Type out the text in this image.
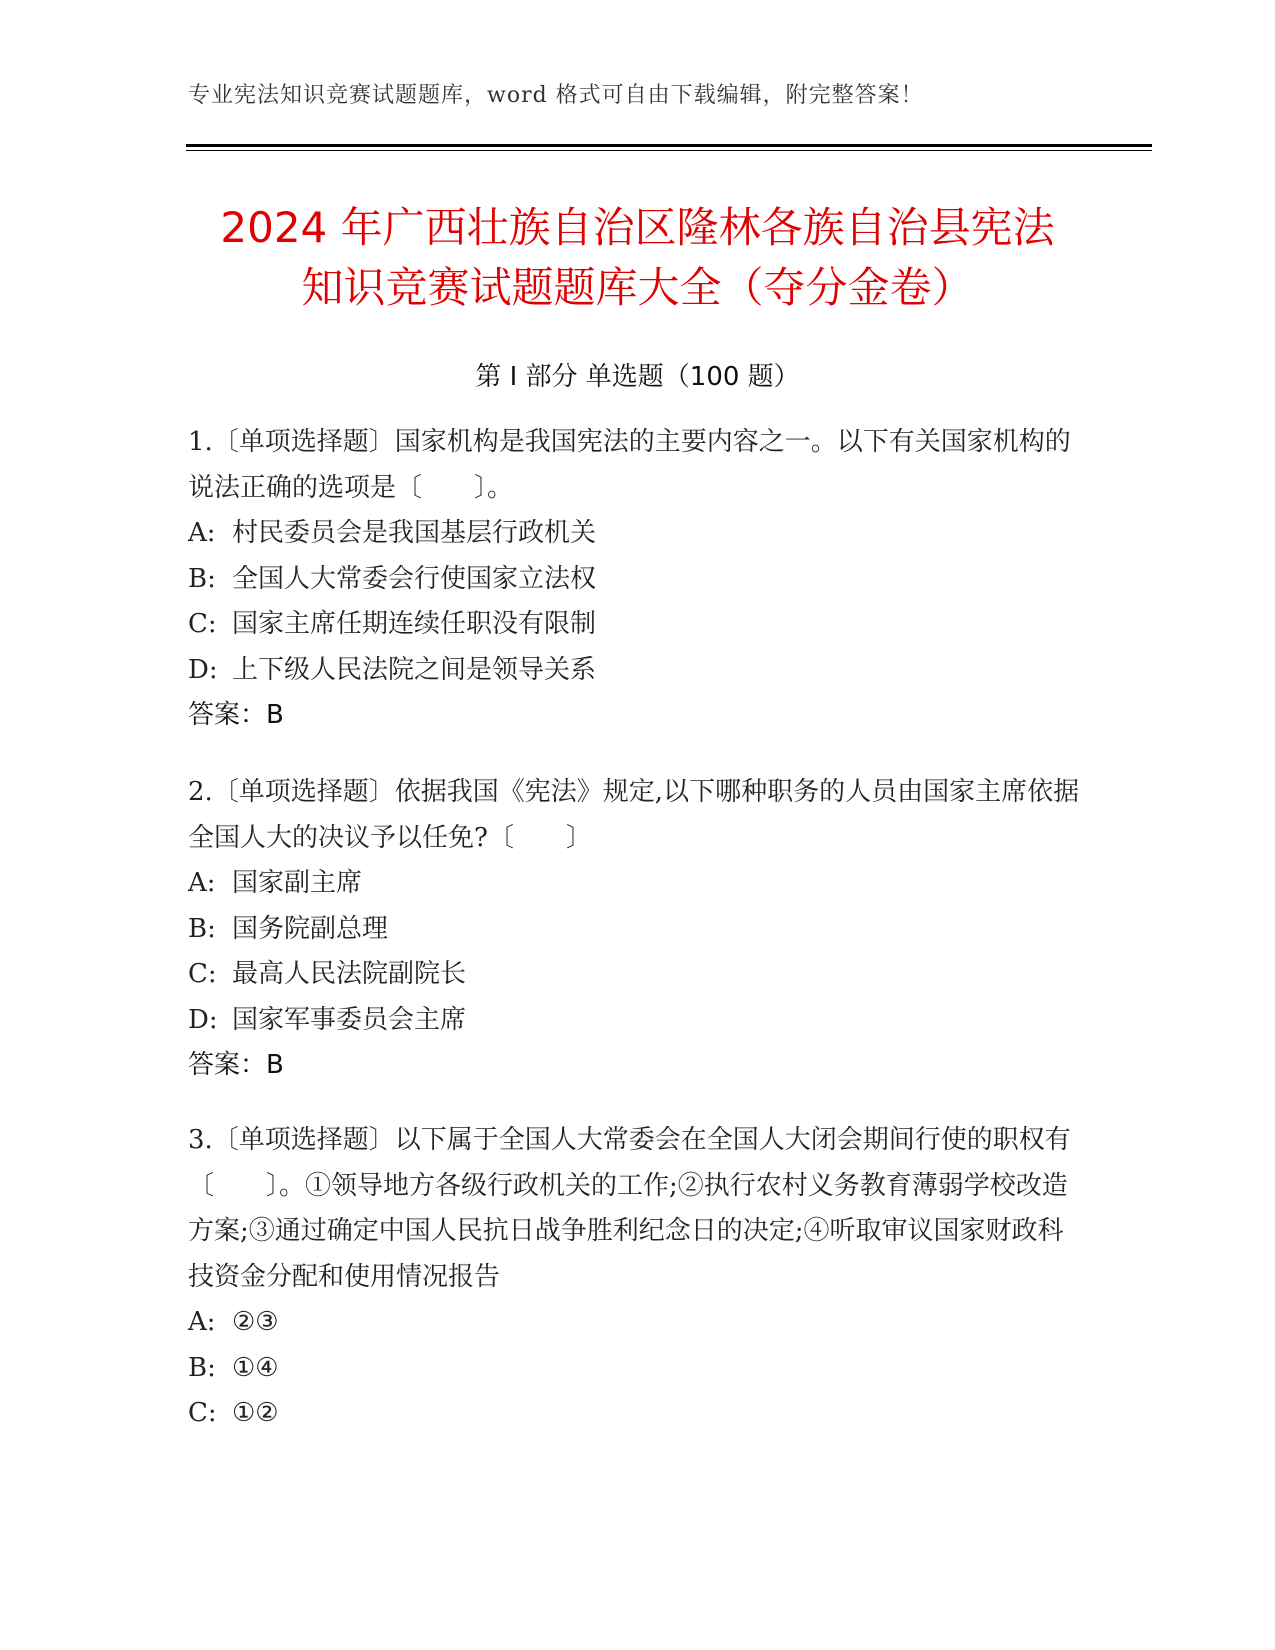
专业宪法知识竞赛试题题库，word 格式可自由下载编辑，附完整答案！
2024 年广西壮族自治区隆林各族自治县宪法
知识竞赛试题题库大全（夺分金卷）
第 I 部分 单选题（100 题）

1.〔单项选择题〕国家机构是我国宪法的主要内容之一。以下有关国家机构的说法正确的选项是〔　　〕。

A: 村民委员会是我国基层行政机关

B: 全国人大常委会行使国家立法权

C: 国家主席任期连续任职没有限制

D: 上下级人民法院之间是领导关系

答案：B

2.〔单项选择题〕依据我国《宪法》规定,以下哪种职务的人员由国家主席依据全国人大的决议予以任免?〔　　〕

A: 国家副主席

B: 国务院副总理

C: 最高人民法院副院长

D: 国家军事委员会主席

答案：B

3.〔单项选择题〕以下属于全国人大常委会在全国人大闭会期间行使的职权有〔　　〕。①领导地方各级行政机关的工作;②执行农村义务教育薄弱学校改造方案;③通过确定中国人民抗日战争胜利纪念日的决定;④听取审议国家财政科技资金分配和使用情况报告

A: ②③

B: ①④

C: ①②
